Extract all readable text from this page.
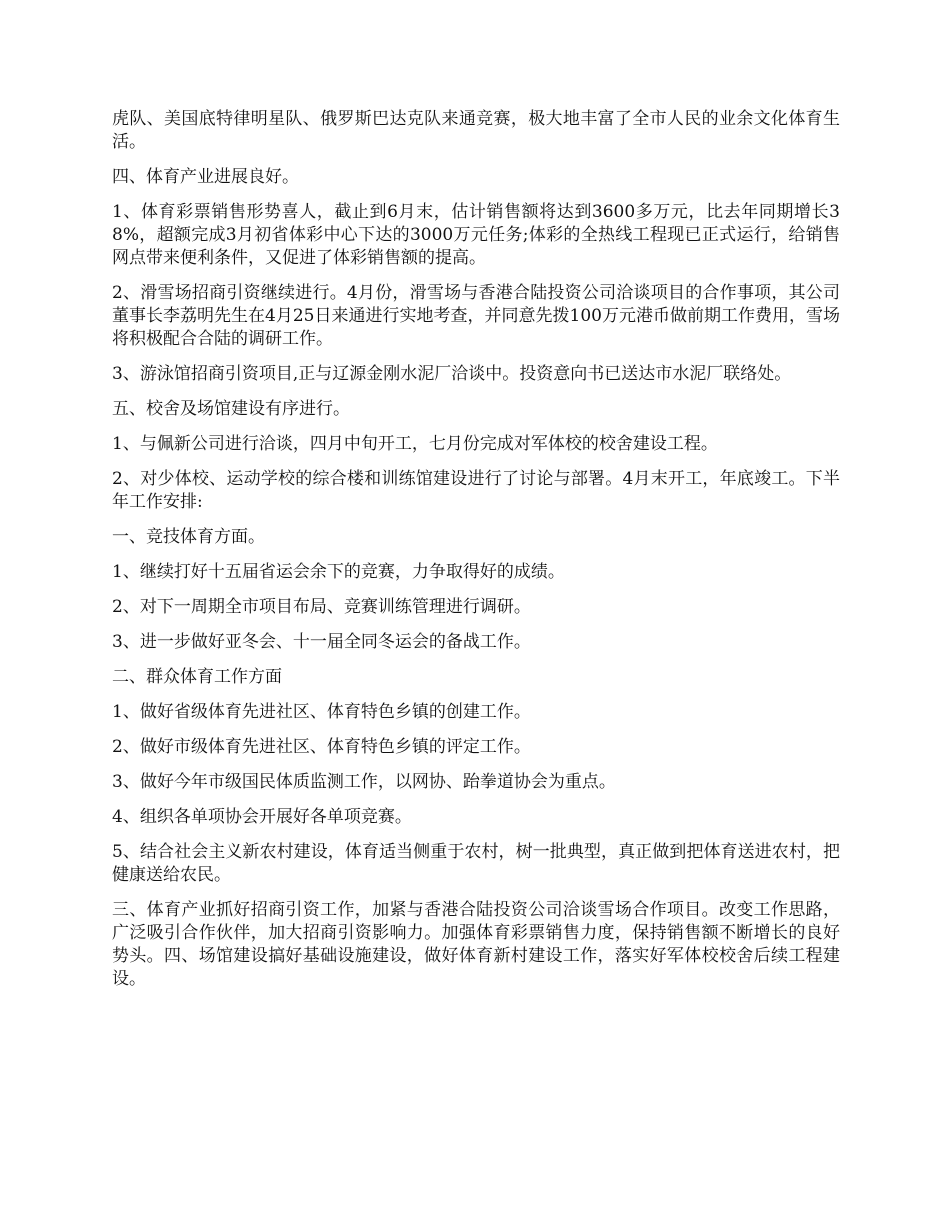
虎队、美国底特律明星队、俄罗斯巴达克队来通竞赛，极大地丰富了全市人民的业余文化体育生活。

四、体育产业进展良好。

1、体育彩票销售形势喜人，截止到6月末，估计销售额将达到3600多万元，比去年同期增长38%，超额完成3月初省体彩中心下达的3000万元任务;体彩的全热线工程现已正式运行，给销售网点带来便利条件，又促进了体彩销售额的提高。

2、滑雪场招商引资继续进行。4月份，滑雪场与香港合陆投资公司洽谈项目的合作事项，其公司董事长李荔明先生在4月25日来通进行实地考查，并同意先拨100万元港币做前期工作费用，雪场将积极配合合陆的调研工作。

3、游泳馆招商引资项目,正与辽源金刚水泥厂洽谈中。投资意向书已送达市水泥厂联络处。

五、校舍及场馆建设有序进行。

1、与佩新公司进行洽谈，四月中旬开工，七月份完成对军体校的校舍建设工程。

2、对少体校、运动学校的综合楼和训练馆建设进行了讨论与部署。4月末开工，年底竣工。下半年工作安排:

一、竞技体育方面。

1、继续打好十五届省运会余下的竞赛，力争取得好的成绩。

2、对下一周期全市项目布局、竞赛训练管理进行调研。

3、进一步做好亚冬会、十一届全同冬运会的备战工作。

二、群众体育工作方面

1、做好省级体育先进社区、体育特色乡镇的创建工作。

2、做好市级体育先进社区、体育特色乡镇的评定工作。

3、做好今年市级国民体质监测工作，以网协、跆拳道协会为重点。

4、组织各单项协会开展好各单项竞赛。

5、结合社会主义新农村建设，体育适当侧重于农村，树一批典型，真正做到把体育送进农村，把健康送给农民。

三、体育产业抓好招商引资工作，加紧与香港合陆投资公司洽谈雪场合作项目。改变工作思路，广泛吸引合作伙伴，加大招商引资影响力。加强体育彩票销售力度，保持销售额不断增长的良好势头。四、场馆建设搞好基础设施建设，做好体育新村建设工作，落实好军体校校舍后续工程建设。
